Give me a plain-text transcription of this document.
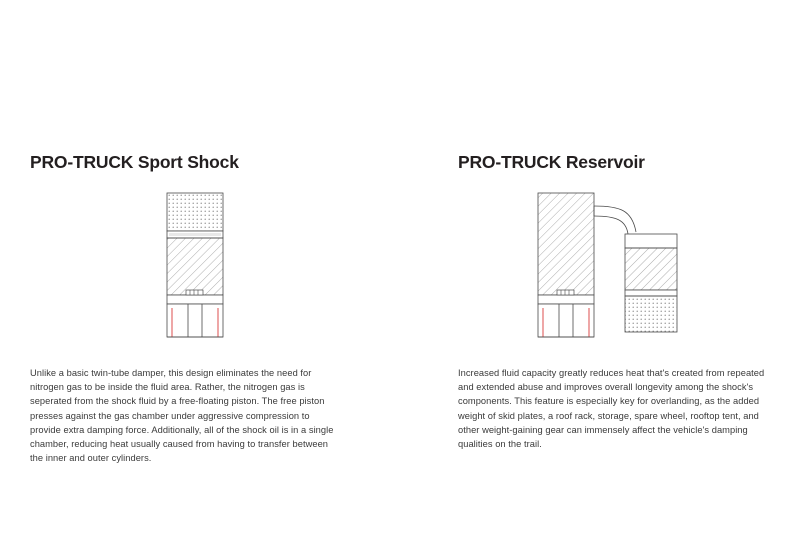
PRO-TRUCK Sport Shock
Unlike a basic twin-tube damper, this design eliminates the need for nitrogen gas to be inside the fluid area. Rather, the nitrogen gas is seperated from the shock fluid by a free-floating piston. The free piston presses against the gas chamber under aggressive compression to provide extra damping force. Additionally, all of the shock oil is in a single chamber, reducing heat usually caused from having to transfer between the inner and outer cylinders.
PRO-TRUCK Reservoir
Increased fluid capacity greatly reduces heat that's created from repeated and extended abuse and improves overall longevity among the shock's components. This feature is especially key for overlanding, as the added weight of skid plates, a roof rack, storage, spare wheel, rooftop tent, and other weight-gaining gear can immensely affect the vehicle's damping qualities on the trail.
